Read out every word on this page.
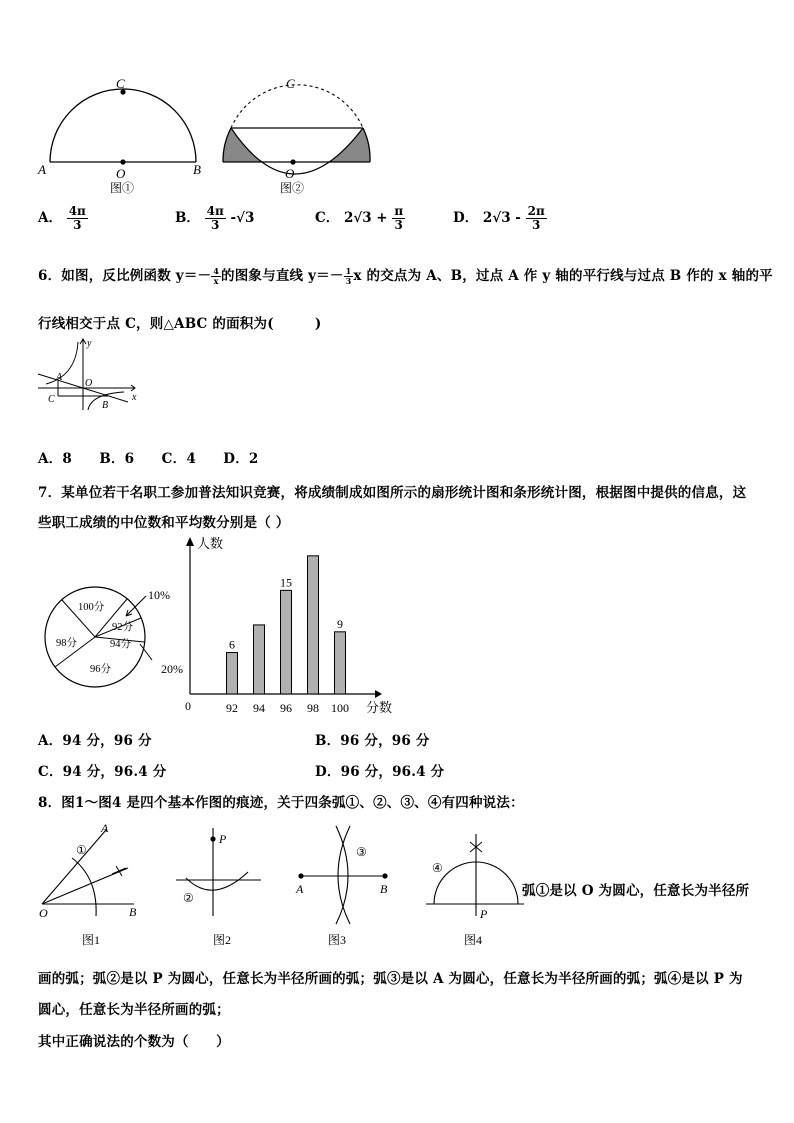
C
A	O	B
图①
C
O
图②
A． $\frac{4\pi}{3}$	B． $\frac{4\pi}{3} -√3$	C． $2√3 + \frac{\pi}{3}$	D． $2√3 - \frac{2\pi}{3}$
6．如图，反比例函数 $y=- \frac{4}{x}$ 的图象与直线 $y=- \frac{1}{3}$ x 的交点为 A、B，过点 A 作 y 轴的平行线与过点 B 作的 x 轴的平
行线相交于点 C，则△ABC 的面积为(　　　)
y
x
A
O
C
B
A．8　　B．6　　C．4　　D．2
7．某单位若干名职工参加普法知识竞赛，将成绩制成如图所示的扇形统计图和条形统计图，根据图中提供的信息，这
些职工成绩的中位数和平均数分别是（ ）
100分
98分
96分
94分
92分
10%
20%
人数
分数
0	92
6
94 96
15
98 100
9
A．94 分，96 分	B．96 分，96 分
C．94 分，96.4 分	D．96 分，96.4 分
8．图1～图4 是四个基本作图的痕迹，关于四条弧①、②、③、④有四种说法：
A
O	B
①
图1
P
②
图2
A	B
③
图3
P
④
图4
弧①是以 O 为圆心，任意长为半径所
画的弧；弧②是以 P 为圆心，任意长为半径所画的弧；弧③是以 A 为圆心，任意长为半径所画的弧；弧④是以 P 为
圆心，任意长为半径所画的弧；
其中正确说法的个数为（　　）
